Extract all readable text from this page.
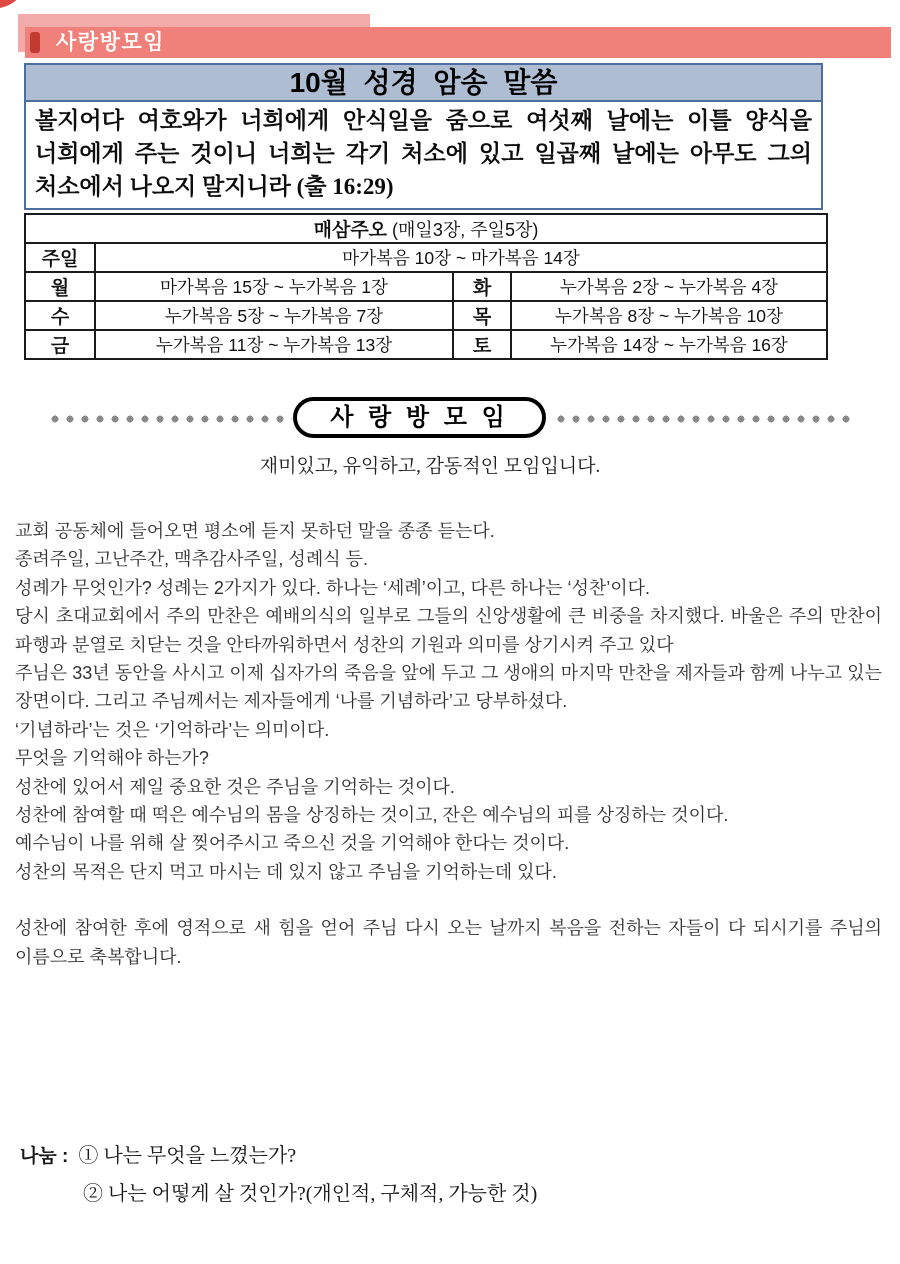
사랑방모임
10월 성경 암송 말씀
볼지어다 여호와가 너희에게 안식일을 줌으로 여섯째 날에는 이틀 양식을 너희에게 주는 것이니 너희는 각기 처소에 있고 일곱째 날에는 아무도 그의 처소에서 나오지 말지니라 (출 16:29)
매삼주오 (매일3장, 주일5장)			
주일	마가복음 10장 ~ 마가복음 14장		
월	마가복음 15장 ~ 누가복음 1장	화	누가복음 2장 ~ 누가복음 4장
수	누가복음 5장 ~ 누가복음 7장	목	누가복음 8장 ~ 누가복음 10장
금	누가복음 11장 ~ 누가복음 13장	토	누가복음 14장 ~ 누가복음 16장
사 랑 방 모 임
재미있고, 유익하고, 감동적인 모임입니다.

교회 공동체에 들어오면 평소에 듣지 못하던 말을 종종 듣는다.

종려주일, 고난주간, 맥추감사주일, 성례식 등.

성례가 무엇인가? 성례는 2가지가 있다. 하나는 ‘세례’이고, 다른 하나는 ‘성찬’이다.

당시 초대교회에서 주의 만찬은 예배의식의 일부로 그들의 신앙생활에 큰 비중을 차지했다. 바울은 주의 만찬이 파행과 분열로 치닫는 것을 안타까워하면서 성찬의 기원과 의미를 상기시켜 주고 있다

주님은 33년 동안을 사시고 이제 십자가의 죽음을 앞에 두고 그 생애의 마지막 만찬을 제자들과 함께 나누고 있는 장면이다. 그리고 주님께서는 제자들에게 ‘나를 기념하라’고 당부하셨다.

‘기념하라’는 것은 ‘기억하라’는 의미이다.

무엇을 기억해야 하는가?

성찬에 있어서 제일 중요한 것은 주님을 기억하는 것이다.

성찬에 참여할 때 떡은 예수님의 몸을 상징하는 것이고, 잔은 예수님의 피를 상징하는 것이다.

예수님이 나를 위해 살 찢어주시고 죽으신 것을 기억해야 한다는 것이다.

성찬의 목적은 단지 먹고 마시는 데 있지 않고 주님을 기억하는데 있다.

성찬에 참여한 후에 영적으로 새 힘을 얻어 주님 다시 오는 날까지 복음을 전하는 자들이 다 되시기를 주님의 이름으로 축복합니다.

나눔 : ① 나는 무엇을 느꼈는가?
② 나는 어떻게 살 것인가?(개인적, 구체적, 가능한 것)
